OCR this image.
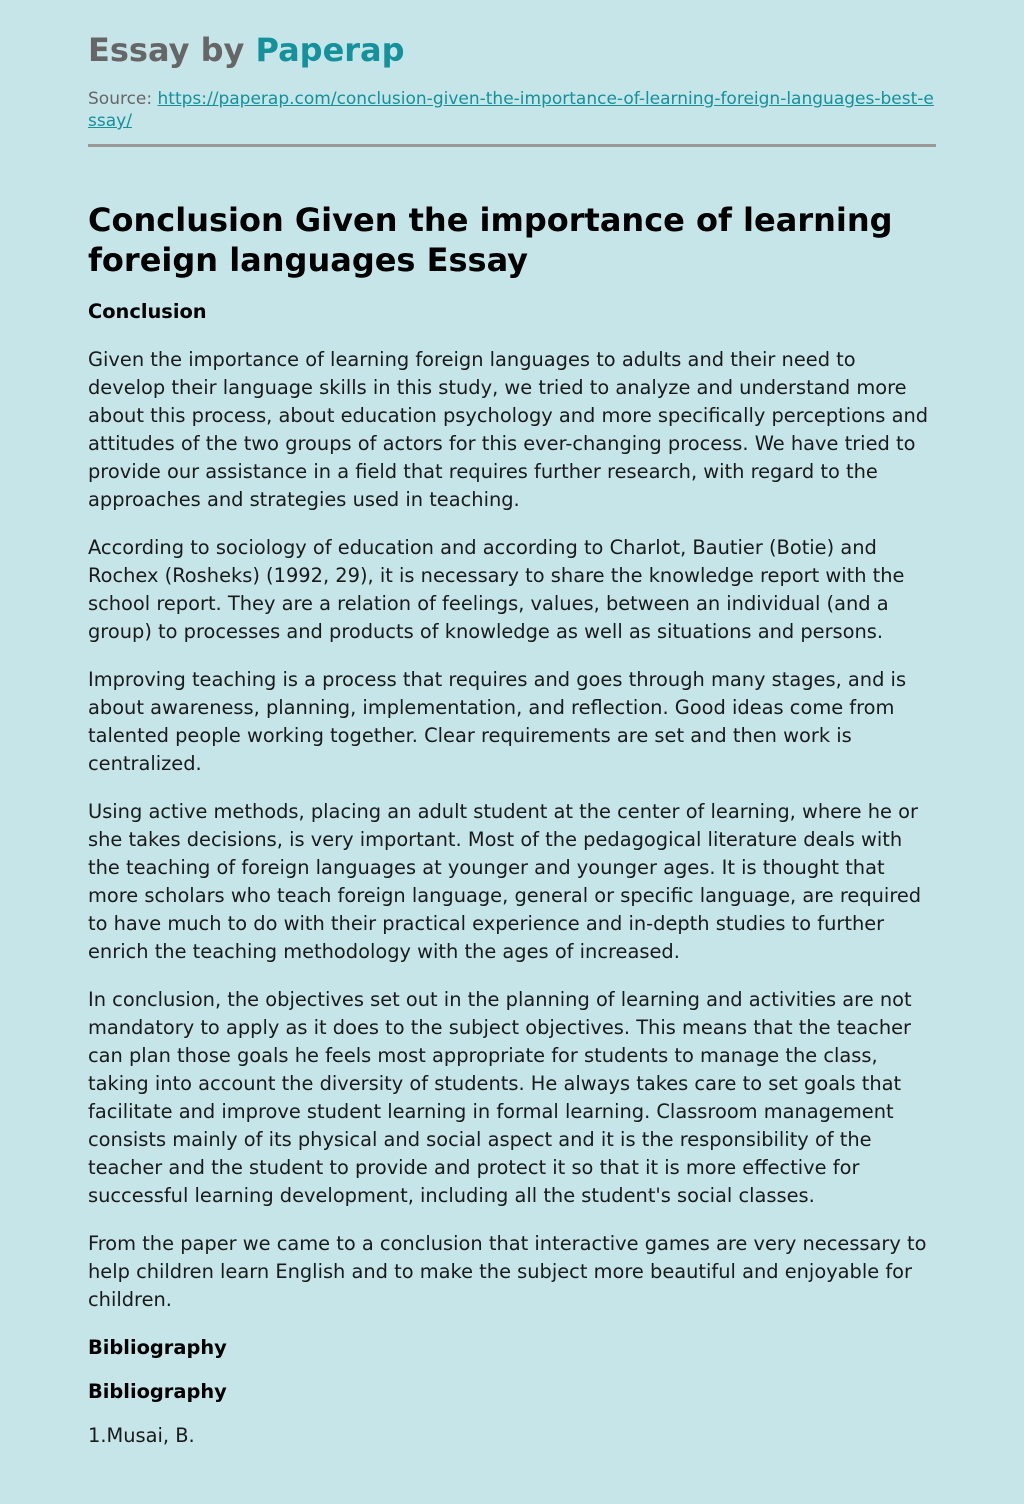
Essay by Paperap
Source: https://paperap.com/conclusion-given-the-importance-of-learning-foreign-languages-best-essay/
Conclusion Given the importance of learning foreign languages Essay
Conclusion

Given the importance of learning foreign languages to adults and their need to develop their language skills in this study, we tried to analyze and understand more about this process, about education psychology and more specifically perceptions and attitudes of the two groups of actors for this ever-changing process. We have tried to provide our assistance in a field that requires further research, with regard to the approaches and strategies used in teaching.

According to sociology of education and according to Charlot, Bautier (Botie) and Rochex (Rosheks) (1992, 29), it is necessary to share the knowledge report with the school report. They are a relation of feelings, values, between an individual (and a group) to processes and products of knowledge as well as situations and persons.

Improving teaching is a process that requires and goes through many stages, and is about awareness, planning, implementation, and reflection. Good ideas come from talented people working together. Clear requirements are set and then work is centralized.

Using active methods, placing an adult student at the center of learning, where he or she takes decisions, is very important. Most of the pedagogical literature deals with the teaching of foreign languages at younger and younger ages. It is thought that more scholars who teach foreign language, general or specific language, are required to have much to do with their practical experience and in-depth studies to further enrich the teaching methodology with the ages of increased.

In conclusion, the objectives set out in the planning of learning and activities are not mandatory to apply as it does to the subject objectives. This means that the teacher can plan those goals he feels most appropriate for students to manage the class, taking into account the diversity of students. He always takes care to set goals that facilitate and improve student learning in formal learning. Classroom management consists mainly of its physical and social aspect and it is the responsibility of the teacher and the student to provide and protect it so that it is more effective for successful learning development, including all the student's social classes.

From the paper we came to a conclusion that interactive games are very necessary to help children learn English and to make the subject more beautiful and enjoyable for children.

Bibliography
Bibliography

1.Musai, B.
